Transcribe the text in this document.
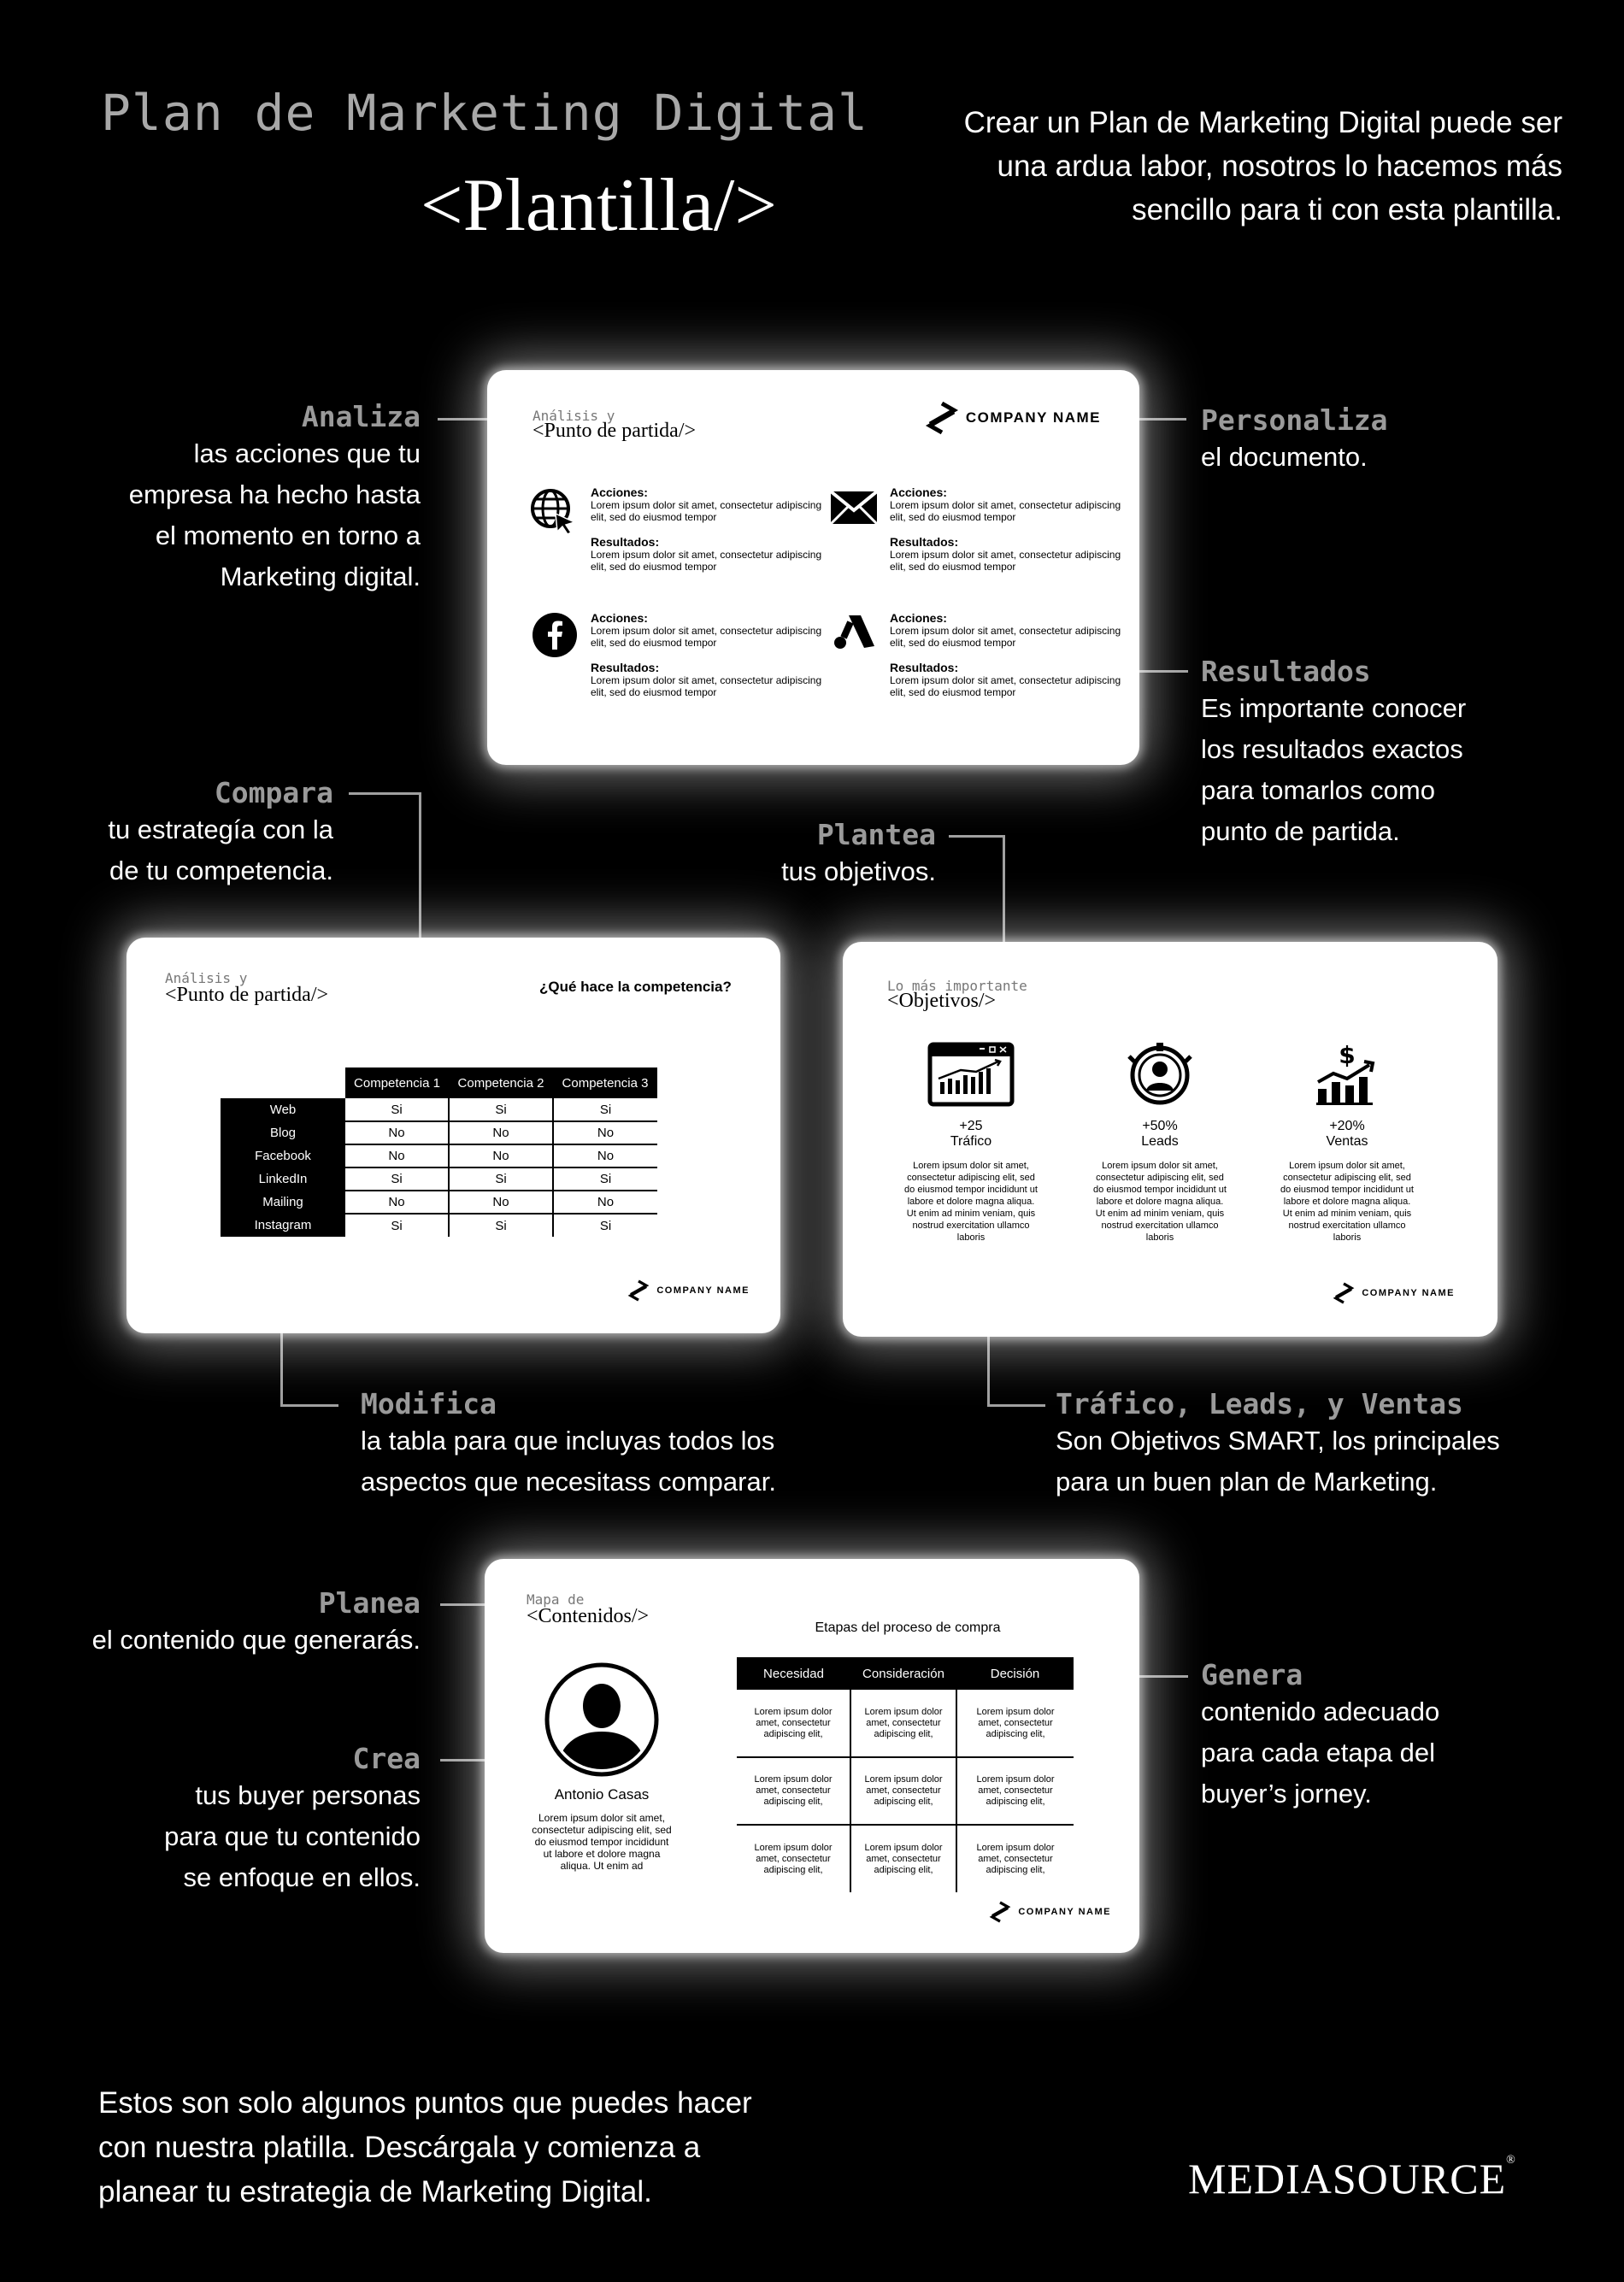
Plan de Marketing Digital
<Plantilla/>
Crear un Plan de Marketing Digital puede ser
una ardua labor, nosotros lo hacemos más
sencillo para ti con esta plantilla.
Analiza
las acciones que tu
empresa ha hecho hasta
el momento en torno a
Marketing digital.
Personaliza
el documento.
Resultados
Es importante conocer
los resultados exactos
para tomarlos como
punto de partida.
Compara
tu estrategía con la
de tu competencia.
Plantea
tus objetivos.
Modifica
la tabla para que incluyas todos los
aspectos que necesitass comparar.
Tráfico, Leads, y Ventas
Son Objetivos SMART, los principales
para un buen plan de Marketing.
Planea
el contenido que generarás.
Crea
tus buyer personas
para que tu contenido
se enfoque en ellos.
Genera
contenido adecuado
para cada etapa del
buyer’s jorney.
Análisis y
<Punto de partida/>
COMPANY NAME
Acciones:

Lorem ipsum dolor sit amet, consectetur adipiscing elit, sed do eiusmod tempor

Resultados:

Lorem ipsum dolor sit amet, consectetur adipiscing elit, sed do eiusmod tempor

Acciones:

Lorem ipsum dolor sit amet, consectetur adipiscing elit, sed do eiusmod tempor

Resultados:

Lorem ipsum dolor sit amet, consectetur adipiscing elit, sed do eiusmod tempor

Acciones:

Lorem ipsum dolor sit amet, consectetur adipiscing elit, sed do eiusmod tempor

Resultados:

Lorem ipsum dolor sit amet, consectetur adipiscing elit, sed do eiusmod tempor

Acciones:

Lorem ipsum dolor sit amet, consectetur adipiscing elit, sed do eiusmod tempor

Resultados:

Lorem ipsum dolor sit amet, consectetur adipiscing elit, sed do eiusmod tempor

Análisis y
<Punto de partida/>	¿Qué hace la competencia?
	Competencia 1	Competencia 2	Competencia 3
Web	Si	Si	Si
Blog	No	No	No
Facebook	No	No	No
LinkedIn	Si	Si	Si
Mailing	No	No	No
Instagram	Si	Si	Si
COMPANY NAME
Lo más importante
<Objetivos/>
+25
Tráfico
Lorem ipsum dolor sit amet, consectetur adipiscing elit, sed do eiusmod tempor incididunt ut labore et dolore magna aliqua. Ut enim ad minim veniam, quis nostrud exercitation ullamco laboris
+50%
Leads
Lorem ipsum dolor sit amet, consectetur adipiscing elit, sed do eiusmod tempor incididunt ut labore et dolore magna aliqua. Ut enim ad minim veniam, quis nostrud exercitation ullamco laboris
$
+20%
Ventas
Lorem ipsum dolor sit amet, consectetur adipiscing elit, sed do eiusmod tempor incididunt ut labore et dolore magna aliqua. Ut enim ad minim veniam, quis nostrud exercitation ullamco laboris
COMPANY NAME
Mapa de
<Contenidos/>
Antonio Casas
Lorem ipsum dolor sit amet, consectetur adipiscing elit, sed do eiusmod tempor incididunt ut labore et dolore magna aliqua. Ut enim ad
Etapas del proceso de compra
Necesidad	Consideración	Decisión
Lorem ipsum dolor amet, consectetur adipiscing elit,	Lorem ipsum dolor amet, consectetur adipiscing elit,	Lorem ipsum dolor amet, consectetur adipiscing elit,
Lorem ipsum dolor amet, consectetur adipiscing elit,	Lorem ipsum dolor amet, consectetur adipiscing elit,	Lorem ipsum dolor amet, consectetur adipiscing elit,
Lorem ipsum dolor amet, consectetur adipiscing elit,	Lorem ipsum dolor amet, consectetur adipiscing elit,	Lorem ipsum dolor amet, consectetur adipiscing elit,
COMPANY NAME
Estos son solo algunos puntos que puedes hacer
con nuestra platilla. Descárgala y comienza a
planear tu estrategia de Marketing Digital.	MEDIASOURCE®
